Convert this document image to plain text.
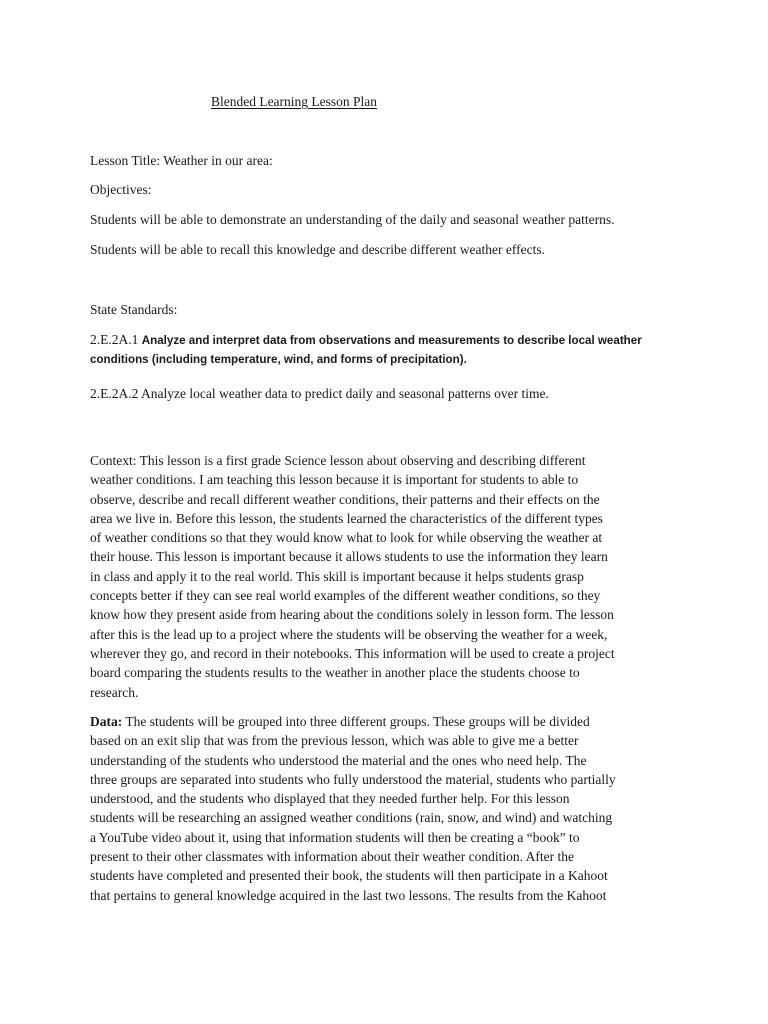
Blended Learning Lesson Plan
Lesson Title: Weather in our area:
Objectives:
Students will be able to demonstrate an understanding of the daily and seasonal weather patterns.
Students will be able to recall this knowledge and describe different weather effects.
State Standards:
2.E.2A.1 Analyze and interpret data from observations and measurements to describe local weather
conditions (including temperature, wind, and forms of precipitation).
2.E.2A.2 Analyze local weather data to predict daily and seasonal patterns over time.

Context: This lesson is a first grade Science lesson about observing and describing different

weather conditions. I am teaching this lesson because it is important for students to able to

observe, describe and recall different weather conditions, their patterns and their effects on the

area we live in. Before this lesson, the students learned the characteristics of the different types

of weather conditions so that they would know what to look for while observing the weather at

their house. This lesson is important because it allows students to use the information they learn

in class and apply it to the real world. This skill is important because it helps students grasp

concepts better if they can see real world examples of the different weather conditions, so they

know how they present aside from hearing about the conditions solely in lesson form. The lesson

after this is the lead up to a project where the students will be observing the weather for a week,

wherever they go, and record in their notebooks. This information will be used to create a project

board comparing the students results to the weather in another place the students choose to

research.

Data: The students will be grouped into three different groups. These groups will be divided

based on an exit slip that was from the previous lesson, which was able to give me a better

understanding of the students who understood the material and the ones who need help. The

three groups are separated into students who fully understood the material, students who partially

understood, and the students who displayed that they needed further help. For this lesson

students will be researching an assigned weather conditions (rain, snow, and wind) and watching

a YouTube video about it, using that information students will then be creating a “book” to

present to their other classmates with information about their weather condition. After the

students have completed and presented their book, the students will then participate in a Kahoot

that pertains to general knowledge acquired in the last two lessons. The results from the Kahoot
